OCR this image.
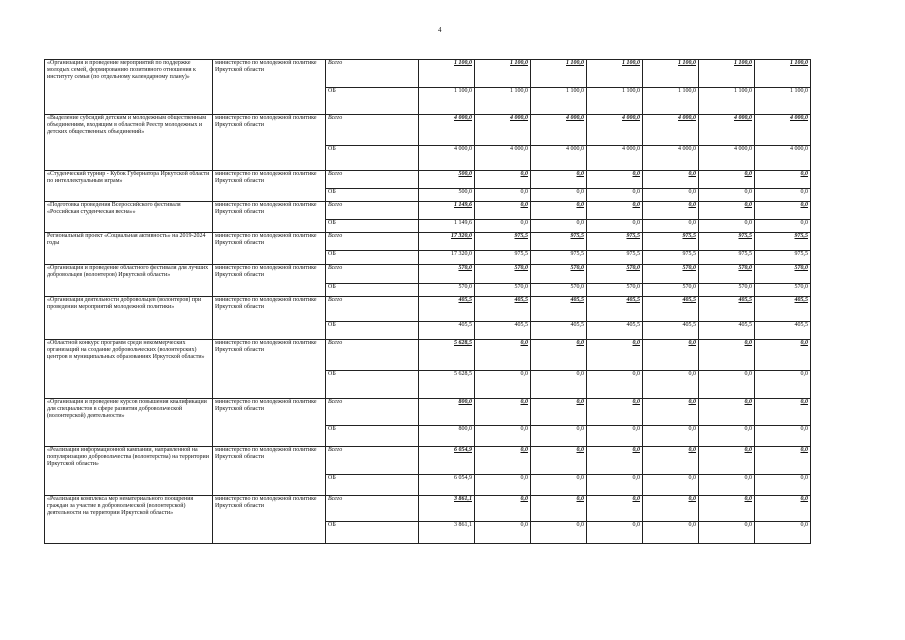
4
«Организация и проведение мероприятий по поддержке молодых семей, формированию позитивного отношения к институту семьи (по отдельному календарному плану)»	министерство по молодежной политике Иркутской области	Всего	1 100,0	1 100,0	1 100,0	1 100,0	1 100,0	1 100,0	1 100,0
		ОБ	1 100,0	1 100,0	1 100,0	1 100,0	1 100,0	1 100,0	1 100,0
«Выделение субсидий детским и молодежным общественным объединениям, входящим в областной Реестр молодежных и детских общественных объединений»	министерство по молодежной политике Иркутской области	Всего	4 000,0	4 000,0	4 000,0	4 000,0	4 000,0	4 000,0	4 000,0
		ОБ	4 000,0	4 000,0	4 000,0	4 000,0	4 000,0	4 000,0	4 000,0
«Студенческий турнир - Кубок Губернатора Иркутской области по интеллектуальным играм»	министерство по молодежной политике Иркутской области	Всего	500,0	0,0	0,0	0,0	0,0	0,0	0,0
		ОБ	500,0	0,0	0,0	0,0	0,0	0,0	0,0
«Подготовка проведения Всероссийского фестиваля «Российская студенческая весна»»	министерство по молодежной политике Иркутской области	Всего	1 149,6	0,0	0,0	0,0	0,0	0,0	0,0
		ОБ	1 149,6	0,0	0,0	0,0	0,0	0,0	0,0
Региональный проект «Социальная активность» на 2019-2024 годы	министерство по молодежной политике Иркутской области	Всего	17 320,0	975,5	975,5	975,5	975,5	975,5	975,5
		ОБ	17 320,0	975,5	975,5	975,5	975,5	975,5	975,5
«Организация и проведение областного фестиваля для лучших добровольцев (волонтеров) Иркутской области»	министерство по молодежной политике Иркутской области	Всего	570,0	570,0	570,0	570,0	570,0	570,0	570,0
		ОБ	570,0	570,0	570,0	570,0	570,0	570,0	570,0
«Организация деятельности добровольцев (волонтеров) при проведении мероприятий молодежной политики»	министерство по молодежной политике Иркутской области	Всего	405,5	405,5	405,5	405,5	405,5	405,5	405,5
		ОБ	405,5	405,5	405,5	405,5	405,5	405,5	405,5
«Областной конкурс программ среди некоммерческих организаций на создание добровольческих (волонтерских) центров в муниципальных образованиях Иркутской области»	министерство по молодежной политике Иркутской области	Всего	5 628,5	0,0	0,0	0,0	0,0	0,0	0,0
		ОБ	5 628,5	0,0	0,0	0,0	0,0	0,0	0,0
«Организация и проведение курсов повышения квалификации для специалистов в сфере развития добровольческой (волонтерской) деятельности»	министерство по молодежной политике Иркутской области	Всего	800,0	0,0	0,0	0,0	0,0	0,0	0,0
		ОБ	800,0	0,0	0,0	0,0	0,0	0,0	0,0
«Реализация информационной кампании, направленной на популяризацию добровольчества (волонтерства) на территории Иркутской области»	министерство по молодежной политике Иркутской области	Всего	6 054,9	0,0	0,0	0,0	0,0	0,0	0,0
		ОБ	6 054,9	0,0	0,0	0,0	0,0	0,0	0,0
«Реализация комплекса мер нематериального поощрения граждан за участие в добровольческой (волонтерской) деятельности на территории Иркутской области»	министерство по молодежной политике Иркутской области	Всего	3 861,1	0,0	0,0	0,0	0,0	0,0	0,0
		ОБ	3 861,1	0,0	0,0	0,0	0,0	0,0	0,0
